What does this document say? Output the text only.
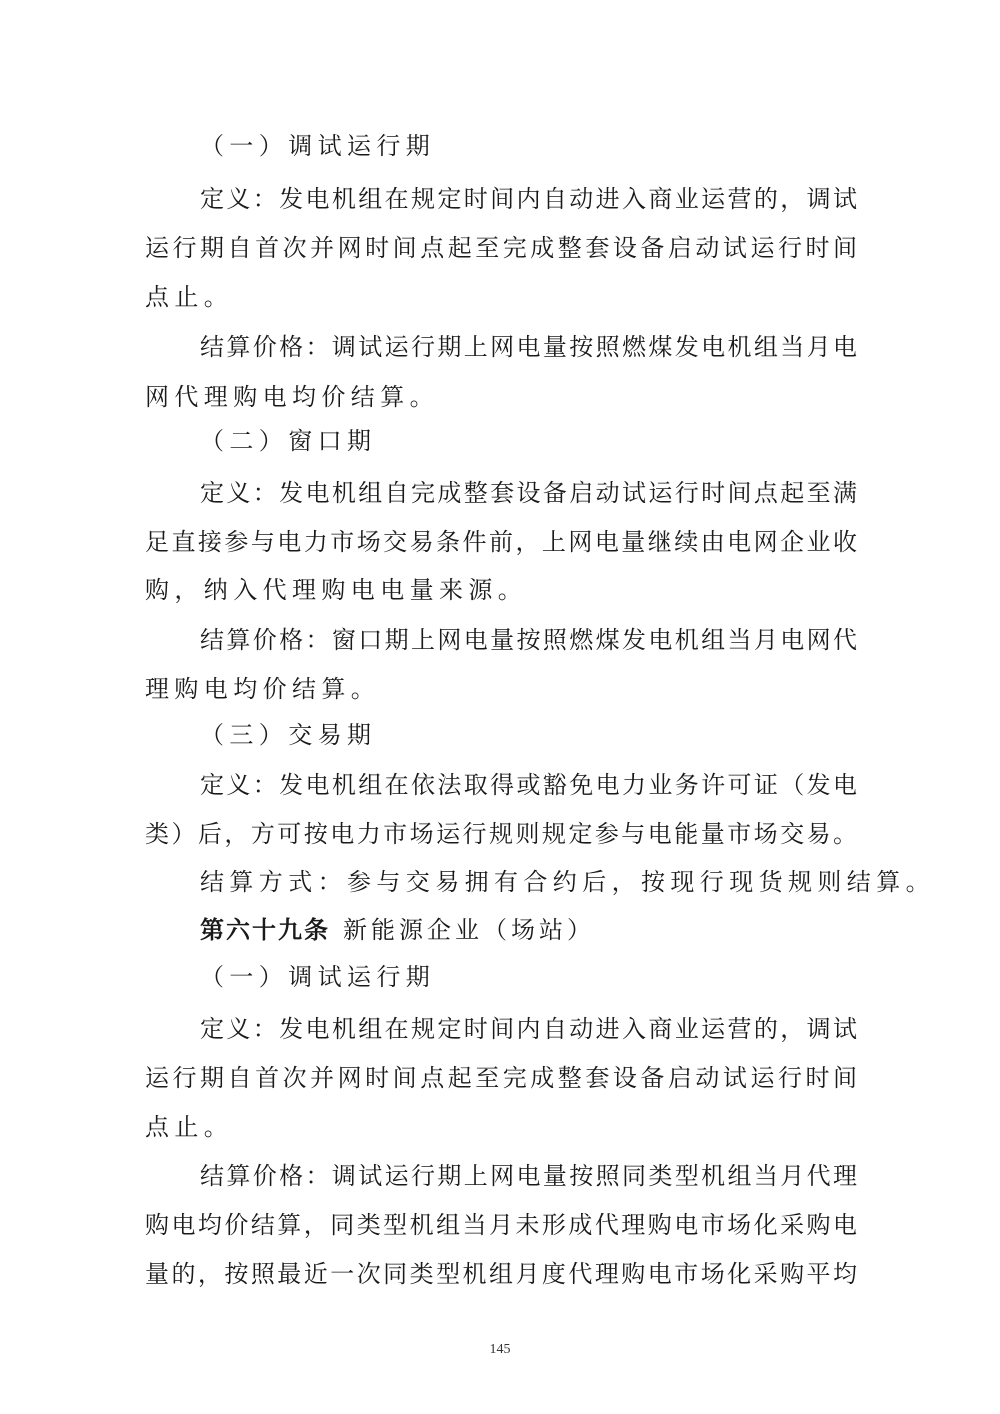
（一）调试运行期
定义：发电机组在规定时间内自动进入商业运营的，调试
运行期自首次并网时间点起至完成整套设备启动试运行时间
点止。
结算价格：调试运行期上网电量按照燃煤发电机组当月电
网代理购电均价结算。
（二）窗口期
定义：发电机组自完成整套设备启动试运行时间点起至满
足直接参与电力市场交易条件前，上网电量继续由电网企业收
购，纳入代理购电电量来源。
结算价格：窗口期上网电量按照燃煤发电机组当月电网代
理购电均价结算。
（三）交易期
定义：发电机组在依法取得或豁免电力业务许可证（发电
类）后，方可按电力市场运行规则规定参与电能量市场交易。
结算方式：参与交易拥有合约后，按现行现货规则结算。
第六十九条 新能源企业（场站）
（一）调试运行期
定义：发电机组在规定时间内自动进入商业运营的，调试
运行期自首次并网时间点起至完成整套设备启动试运行时间
点止。
结算价格：调试运行期上网电量按照同类型机组当月代理
购电均价结算，同类型机组当月未形成代理购电市场化采购电
量的，按照最近一次同类型机组月度代理购电市场化采购平均
145
